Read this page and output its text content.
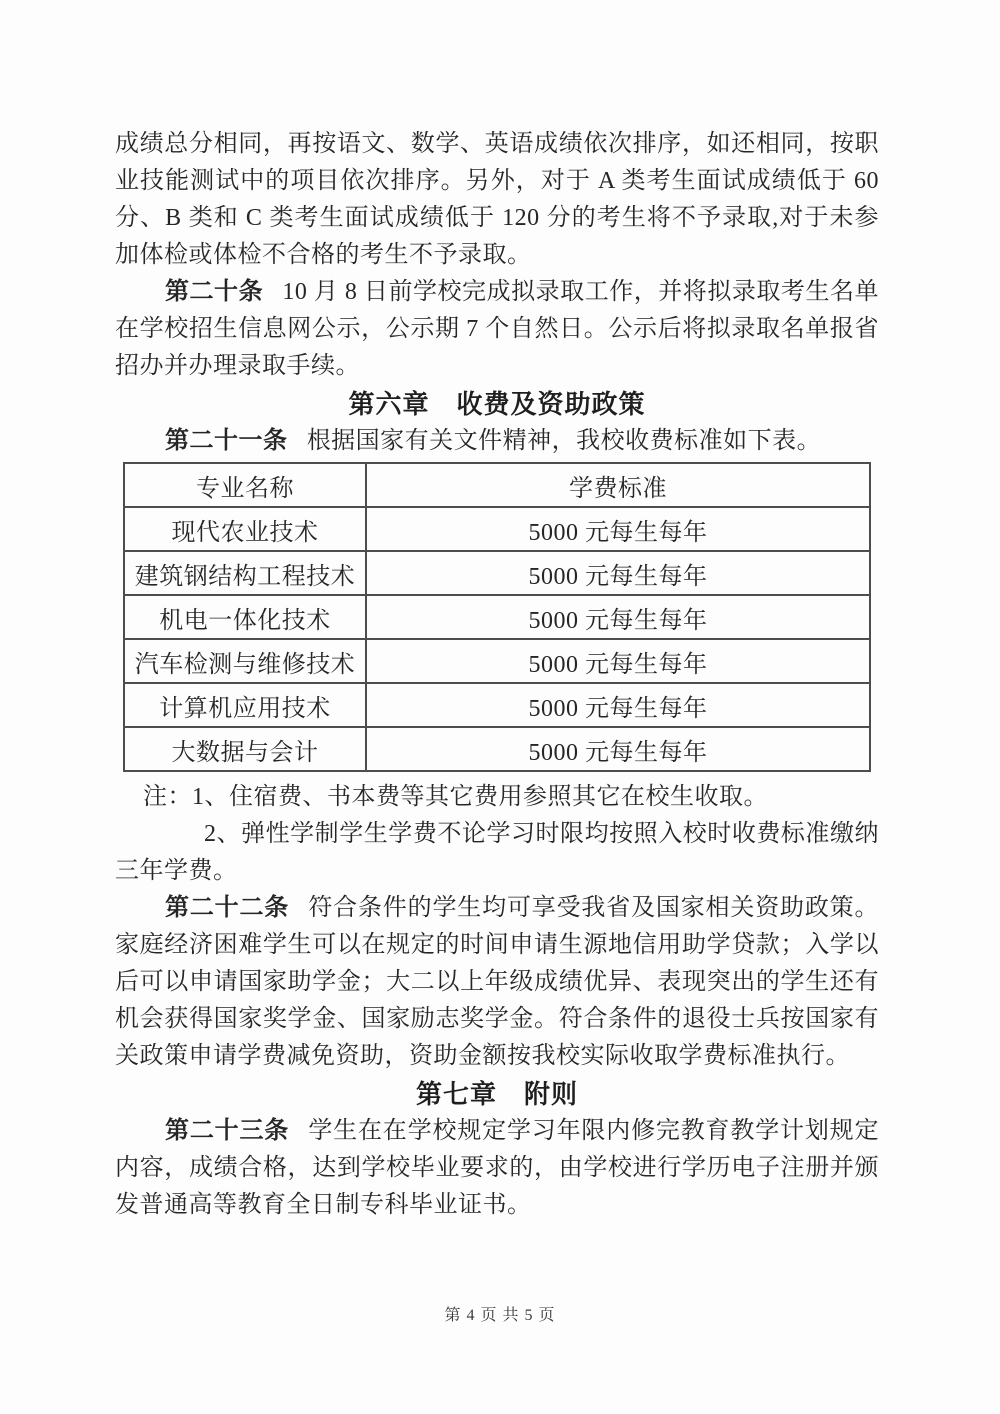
成绩总分相同，再按语文、数学、英语成绩依次排序，如还相同，按职业技能测试中的项目依次排序。另外，对于 A 类考生面试成绩低于 60 分、B 类和 C 类考生面试成绩低于 120 分的考生将不予录取,对于未参加体检或体检不合格的考生不予录取。

第二十条 10 月 8 日前学校完成拟录取工作，并将拟录取考生名单在学校招生信息网公示，公示期 7 个自然日。公示后将拟录取名单报省招办并办理录取手续。

第六章　收费及资助政策

第二十一条 根据国家有关文件精神，我校收费标准如下表。

专业名称	学费标准
现代农业技术	5000 元每生每年
建筑钢结构工程技术	5000 元每生每年
机电一体化技术	5000 元每生每年
汽车检测与维修技术	5000 元每生每年
计算机应用技术	5000 元每生每年
大数据与会计	5000 元每生每年

注：1、住宿费、书本费等其它费用参照其它在校生收取。

2、弹性学制学生学费不论学习时限均按照入校时收费标准缴纳三年学费。

第二十二条 符合条件的学生均可享受我省及国家相关资助政策。家庭经济困难学生可以在规定的时间申请生源地信用助学贷款；入学以后可以申请国家助学金；大二以上年级成绩优异、表现突出的学生还有机会获得国家奖学金、国家励志奖学金。符合条件的退役士兵按国家有关政策申请学费减免资助，资助金额按我校实际收取学费标准执行。

第七章　附则

第二十三条 学生在在学校规定学习年限内修完教育教学计划规定内容，成绩合格，达到学校毕业要求的，由学校进行学历电子注册并颁发普通高等教育全日制专科毕业证书。

第 4 页 共 5 页
